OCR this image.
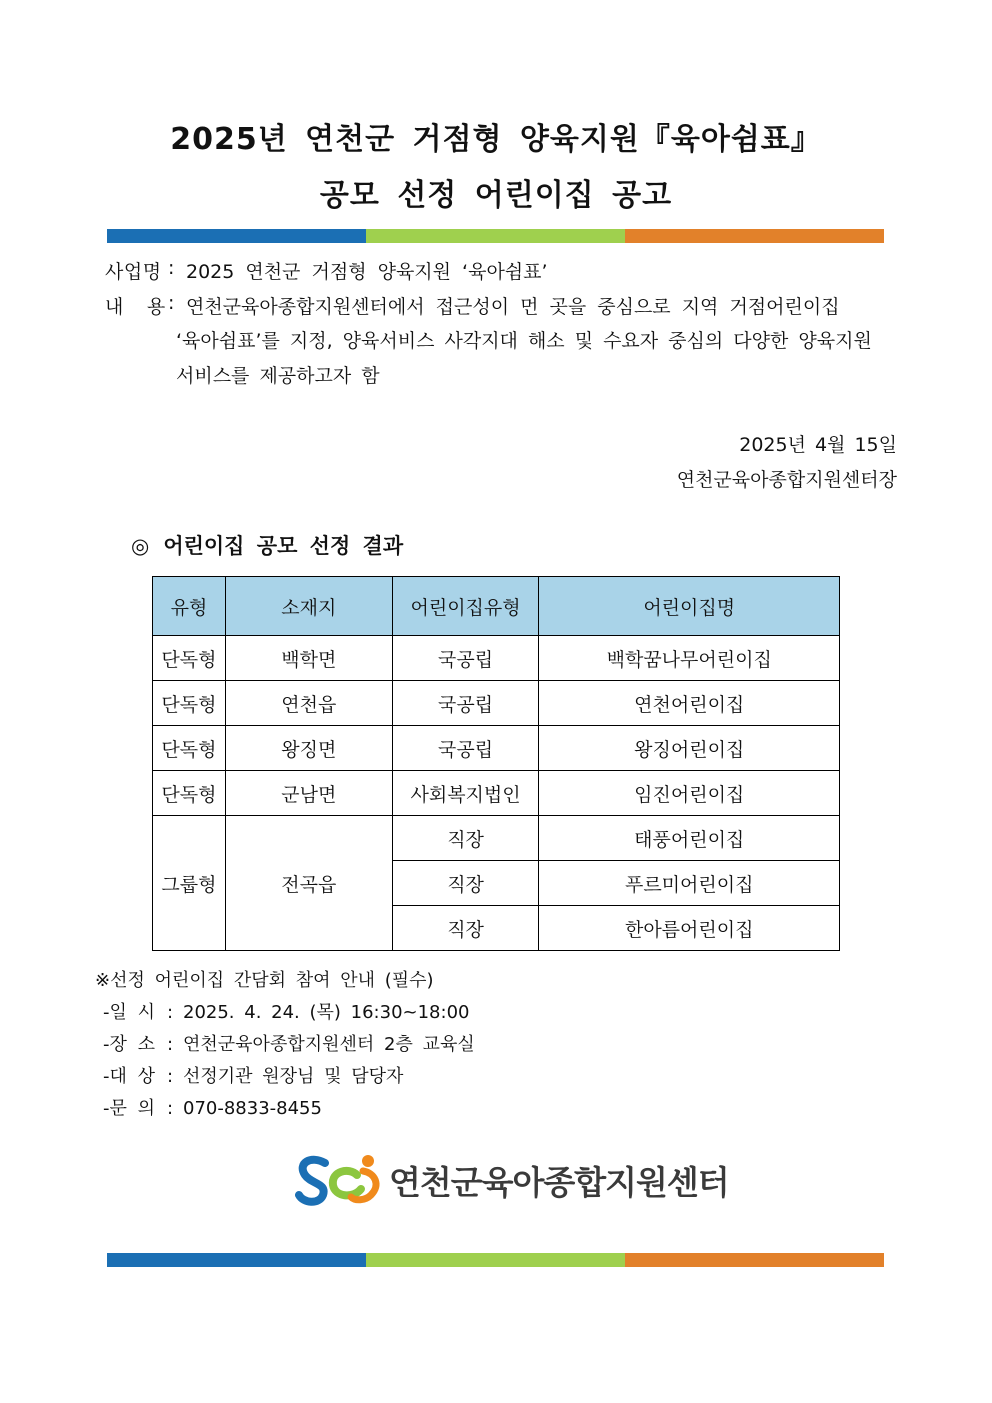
2025년 연천군 거점형 양육지원『육아쉼표』
공모 선정 어린이집 공고
사업명 : 2025 연천군 거점형 양육지원 ‘육아쉼표’
내 용 : 연천군육아종합지원센터에서 접근성이 먼 곳을 중심으로 지역 거점어린이집
‘육아쉼표’를 지정, 양육서비스 사각지대 해소 및 수요자 중심의 다양한 양육지원
서비스를 제공하고자 함
2025년 4월 15일
연천군육아종합지원센터장
◎ 어린이집 공모 선정 결과
유형	소재지	어린이집유형	어린이집명
단독형	백학면	국공립	백학꿈나무어린이집
단독형	연천읍	국공립	연천어린이집
단독형	왕징면	국공립	왕징어린이집
단독형	군남면	사회복지법인	임진어린이집
그룹형	전곡읍	직장	태풍어린이집
		직장	푸르미어린이집
		직장	한아름어린이집
※선정 어린이집 간담회 참여 안내 (필수)
-일 시 : 2025. 4. 24. (목) 16:30~18:00
-장 소 : 연천군육아종합지원센터 2층 교육실
-대 상 : 선정기관 원장님 및 담당자
-문 의 : 070-8833-8455
연천군육아종합지원센터
